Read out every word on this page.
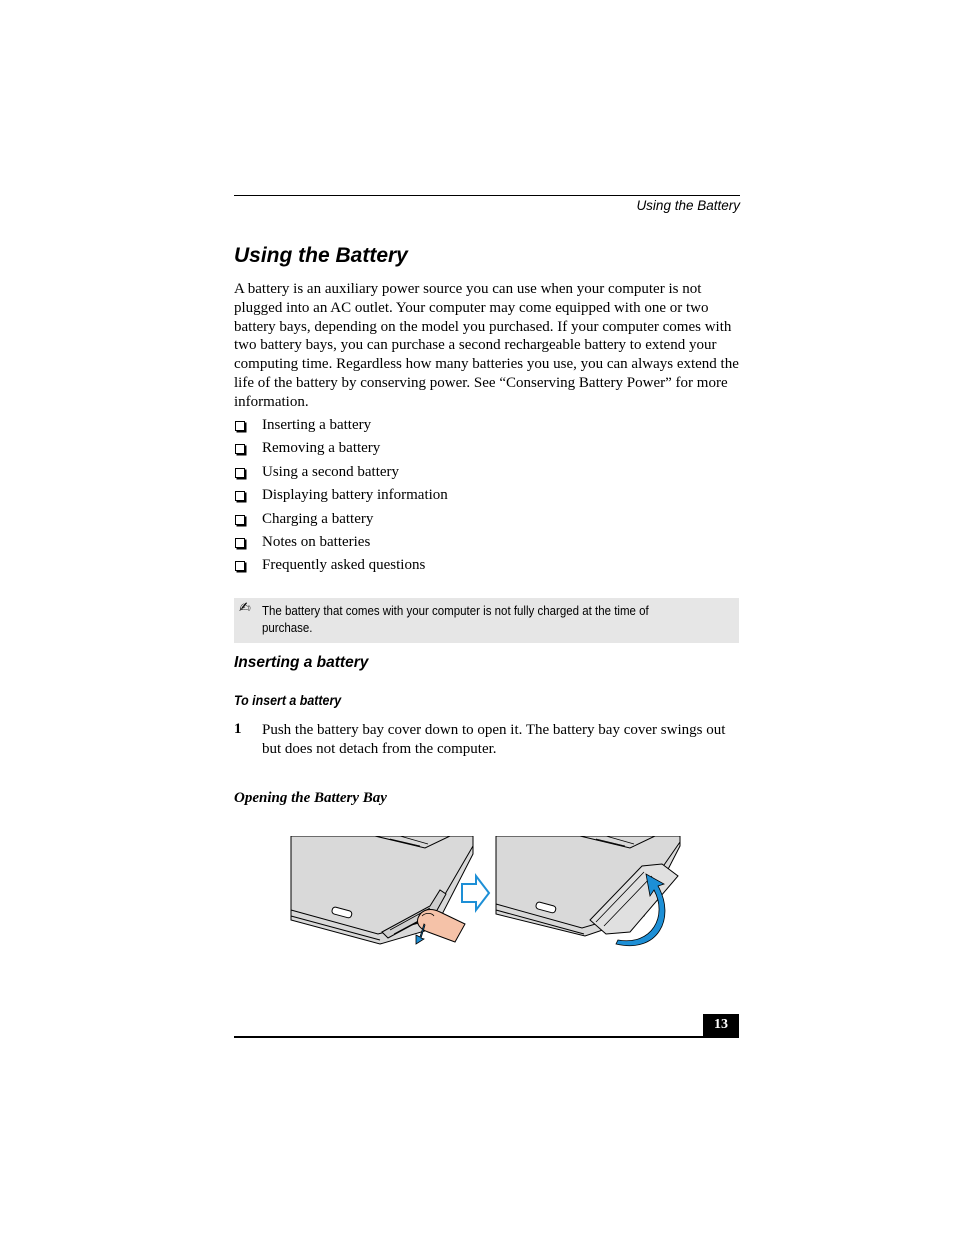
Using the Battery
Using the Battery

A battery is an auxiliary power source you can use when your computer is not plugged into an AC outlet. Your computer may come equipped with one or two battery bays, depending on the model you purchased. If your computer comes with two battery bays, you can purchase a second rechargeable battery to extend your computing time. Regardless how many batteries you use, you can always extend the life of the battery by conserving power. See “Conserving Battery Power” for more information.

Inserting a battery
Removing a battery
Using a second battery
Displaying battery information
Charging a battery
Notes on batteries
Frequently asked questions
✍ The battery that comes with your computer is not fully charged at the time of purchase.
Inserting a battery
To insert a battery
1 Push the battery bay cover down to open it. The battery bay cover swings out but does not detach from the computer.
Opening the Battery Bay
13
